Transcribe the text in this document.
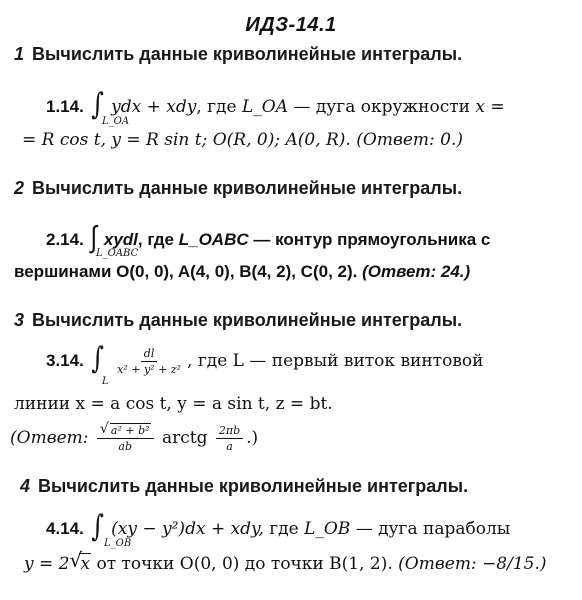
ИДЗ-14.1
1 Вычислить данные криволинейные интегралы.
1.14. ∫ ydx + xdy, где L_OA — дуга окружности x =
L_OA
= R cos t, y = R sin t; O(R, 0); A(0, R). (Ответ: 0.)
2 Вычислить данные криволинейные интегралы.
2.14. ∫ xydl, где L_OABC — контур прямоугольника с
L_OABC
вершинами O(0, 0), A(4, 0), B(4, 2), C(0, 2). (Ответ: 24.)
3 Вычислить данные криволинейные интегралы.
3.14. ∫ $\frac{dl}{\text{x² + y² + z²}}$ , где L — первый виток винтовой
L
линии x = a cos t, y = a sin t, z = bt.
(Ответ: $\frac{\text{√ a² + b²}}{ab}$ arctg $\frac{2\pi b}{a}$ .)
4 Вычислить данные криволинейные интегралы.
4.14. ∫ (xy − y²)dx + xdy, где L_OB — дуга параболы
L_OB
y = 2 √
x от точки O(0, 0) до точки B(1, 2). (Ответ: −8/15.)
